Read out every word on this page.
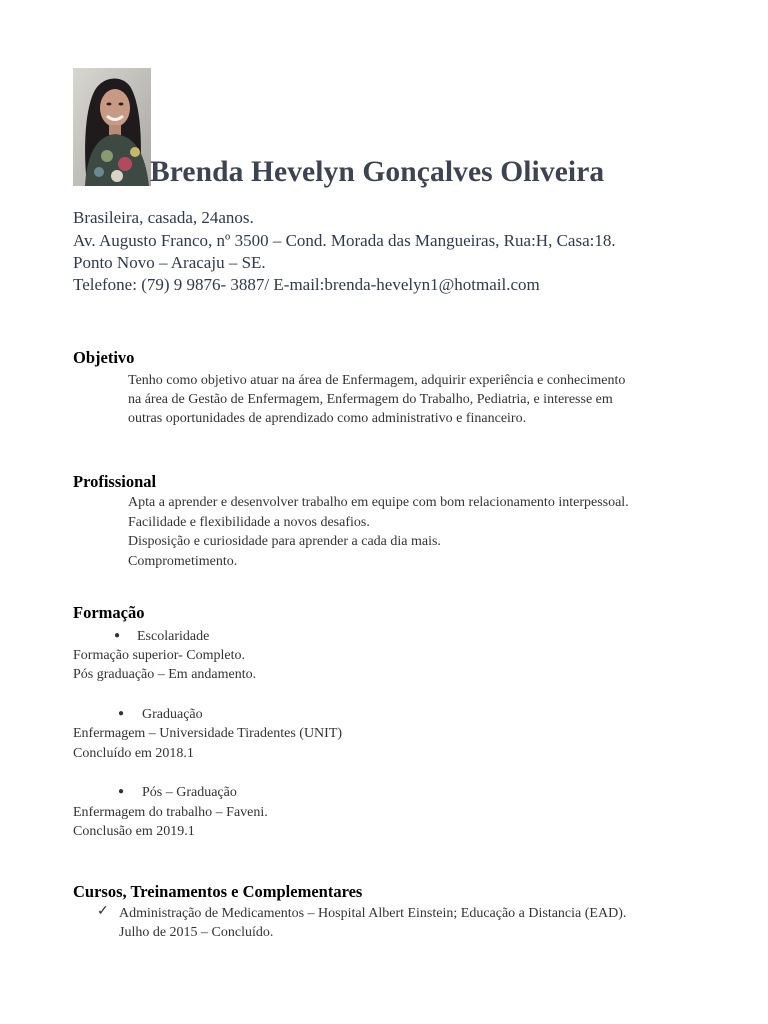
Brenda Hevelyn Gonçalves Oliveira
Brasileira, casada, 24anos.
Av. Augusto Franco, nº 3500 – Cond. Morada das Mangueiras, Rua:H, Casa:18.
Ponto Novo – Aracaju – SE.
Telefone: (79) 9 9876- 3887/ E-mail:brenda-hevelyn1@hotmail.com
Objetivo
Tenho como objetivo atuar na área de Enfermagem, adquirir experiência e conhecimento
na área de Gestão de Enfermagem, Enfermagem do Trabalho, Pediatria, e interesse em
outras oportunidades de aprendizado como administrativo e financeiro.
Profissional
Apta a aprender e desenvolver trabalho em equipe com bom relacionamento interpessoal.
Facilidade e flexibilidade a novos desafios.
Disposição e curiosidade para aprender a cada dia mais.
Comprometimento.
Formação
● Escolaridade
Formação superior- Completo.
Pós graduação – Em andamento.
● Graduação
Enfermagem – Universidade Tiradentes (UNIT)
Concluído em 2018.1
● Pós – Graduação
Enfermagem do trabalho – Faveni.
Conclusão em 2019.1
Cursos, Treinamentos e Complementares
✓ Administração de Medicamentos – Hospital Albert Einstein; Educação a Distancia (EAD).
Julho de 2015 – Concluído.
